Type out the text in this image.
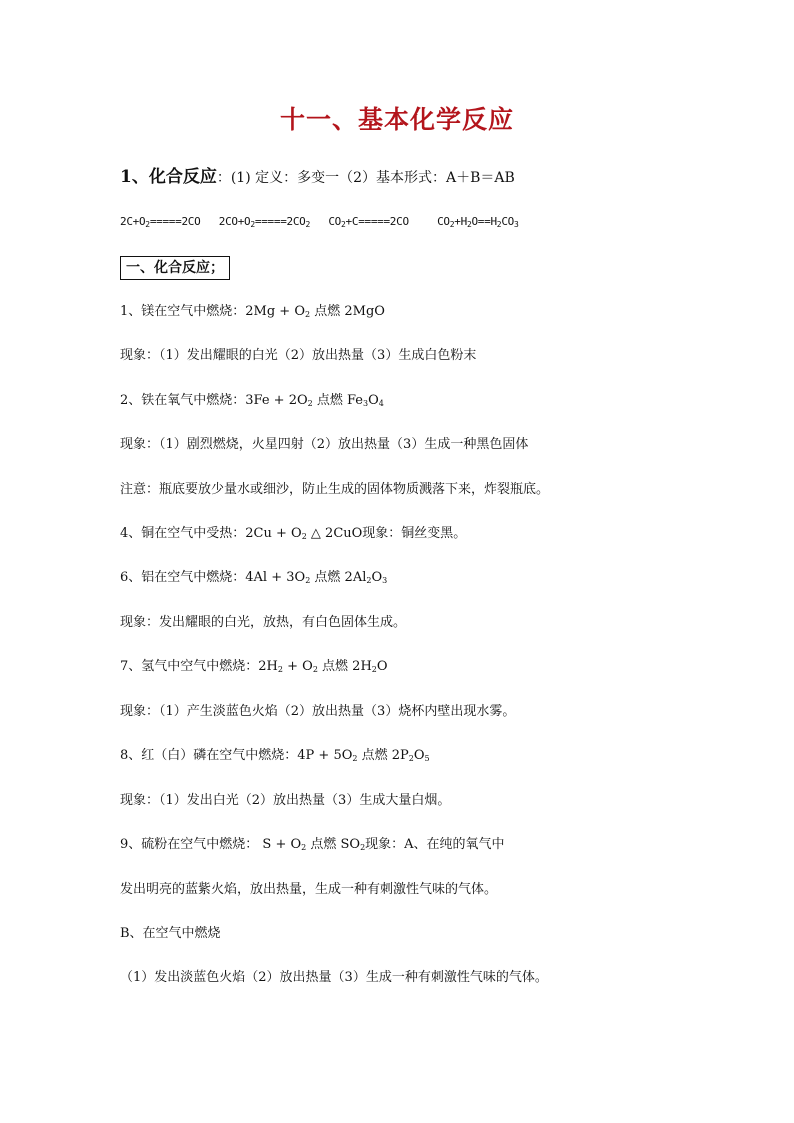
十一、基本化学反应
1、化合反应：(1) 定义：多变一（2）基本形式：A＋B＝AB
$2C+O_2=====2CO$ $2CO+O_2=====2CO_2$ $CO_2+C=====2CO$	$CO_2+H_2O==H_2CO_3$
一、化合反应；
1、镁在空气中燃烧：$2Mg + O_2$ 点燃 2MgO
现象：（1）发出耀眼的白光（2）放出热量（3）生成白色粉末
2、铁在氧气中燃烧：$3Fe + 2O_2$ 点燃 $Fe_3O_4$
现象：（1）剧烈燃烧，火星四射（2）放出热量（3）生成一种黑色固体
注意：瓶底要放少量水或细沙，防止生成的固体物质溅落下来，炸裂瓶底。
4、铜在空气中受热：$2Cu + O_2$ △ 2CuO现象：铜丝变黑。
6、铝在空气中燃烧：$4Al + 3O_2$ 点燃 $2Al_2O_3$
现象：发出耀眼的白光，放热，有白色固体生成。
7、氢气中空气中燃烧：$2H_2 + O_2$ 点燃 $2H_2O$
现象：（1）产生淡蓝色火焰（2）放出热量（3）烧杯内壁出现水雾。
8、红（白）磷在空气中燃烧：$4P + 5O_2$ 点燃 $2P_2O_5$
现象：（1）发出白光（2）放出热量（3）生成大量白烟。
9、硫粉在空气中燃烧： $S + O_2$ 点燃 $SO_2$现象：A、在纯的氧气中
发出明亮的蓝紫火焰，放出热量，生成一种有刺激性气味的气体。
B、在空气中燃烧
（1）发出淡蓝色火焰（2）放出热量（3）生成一种有刺激性气味的气体。
